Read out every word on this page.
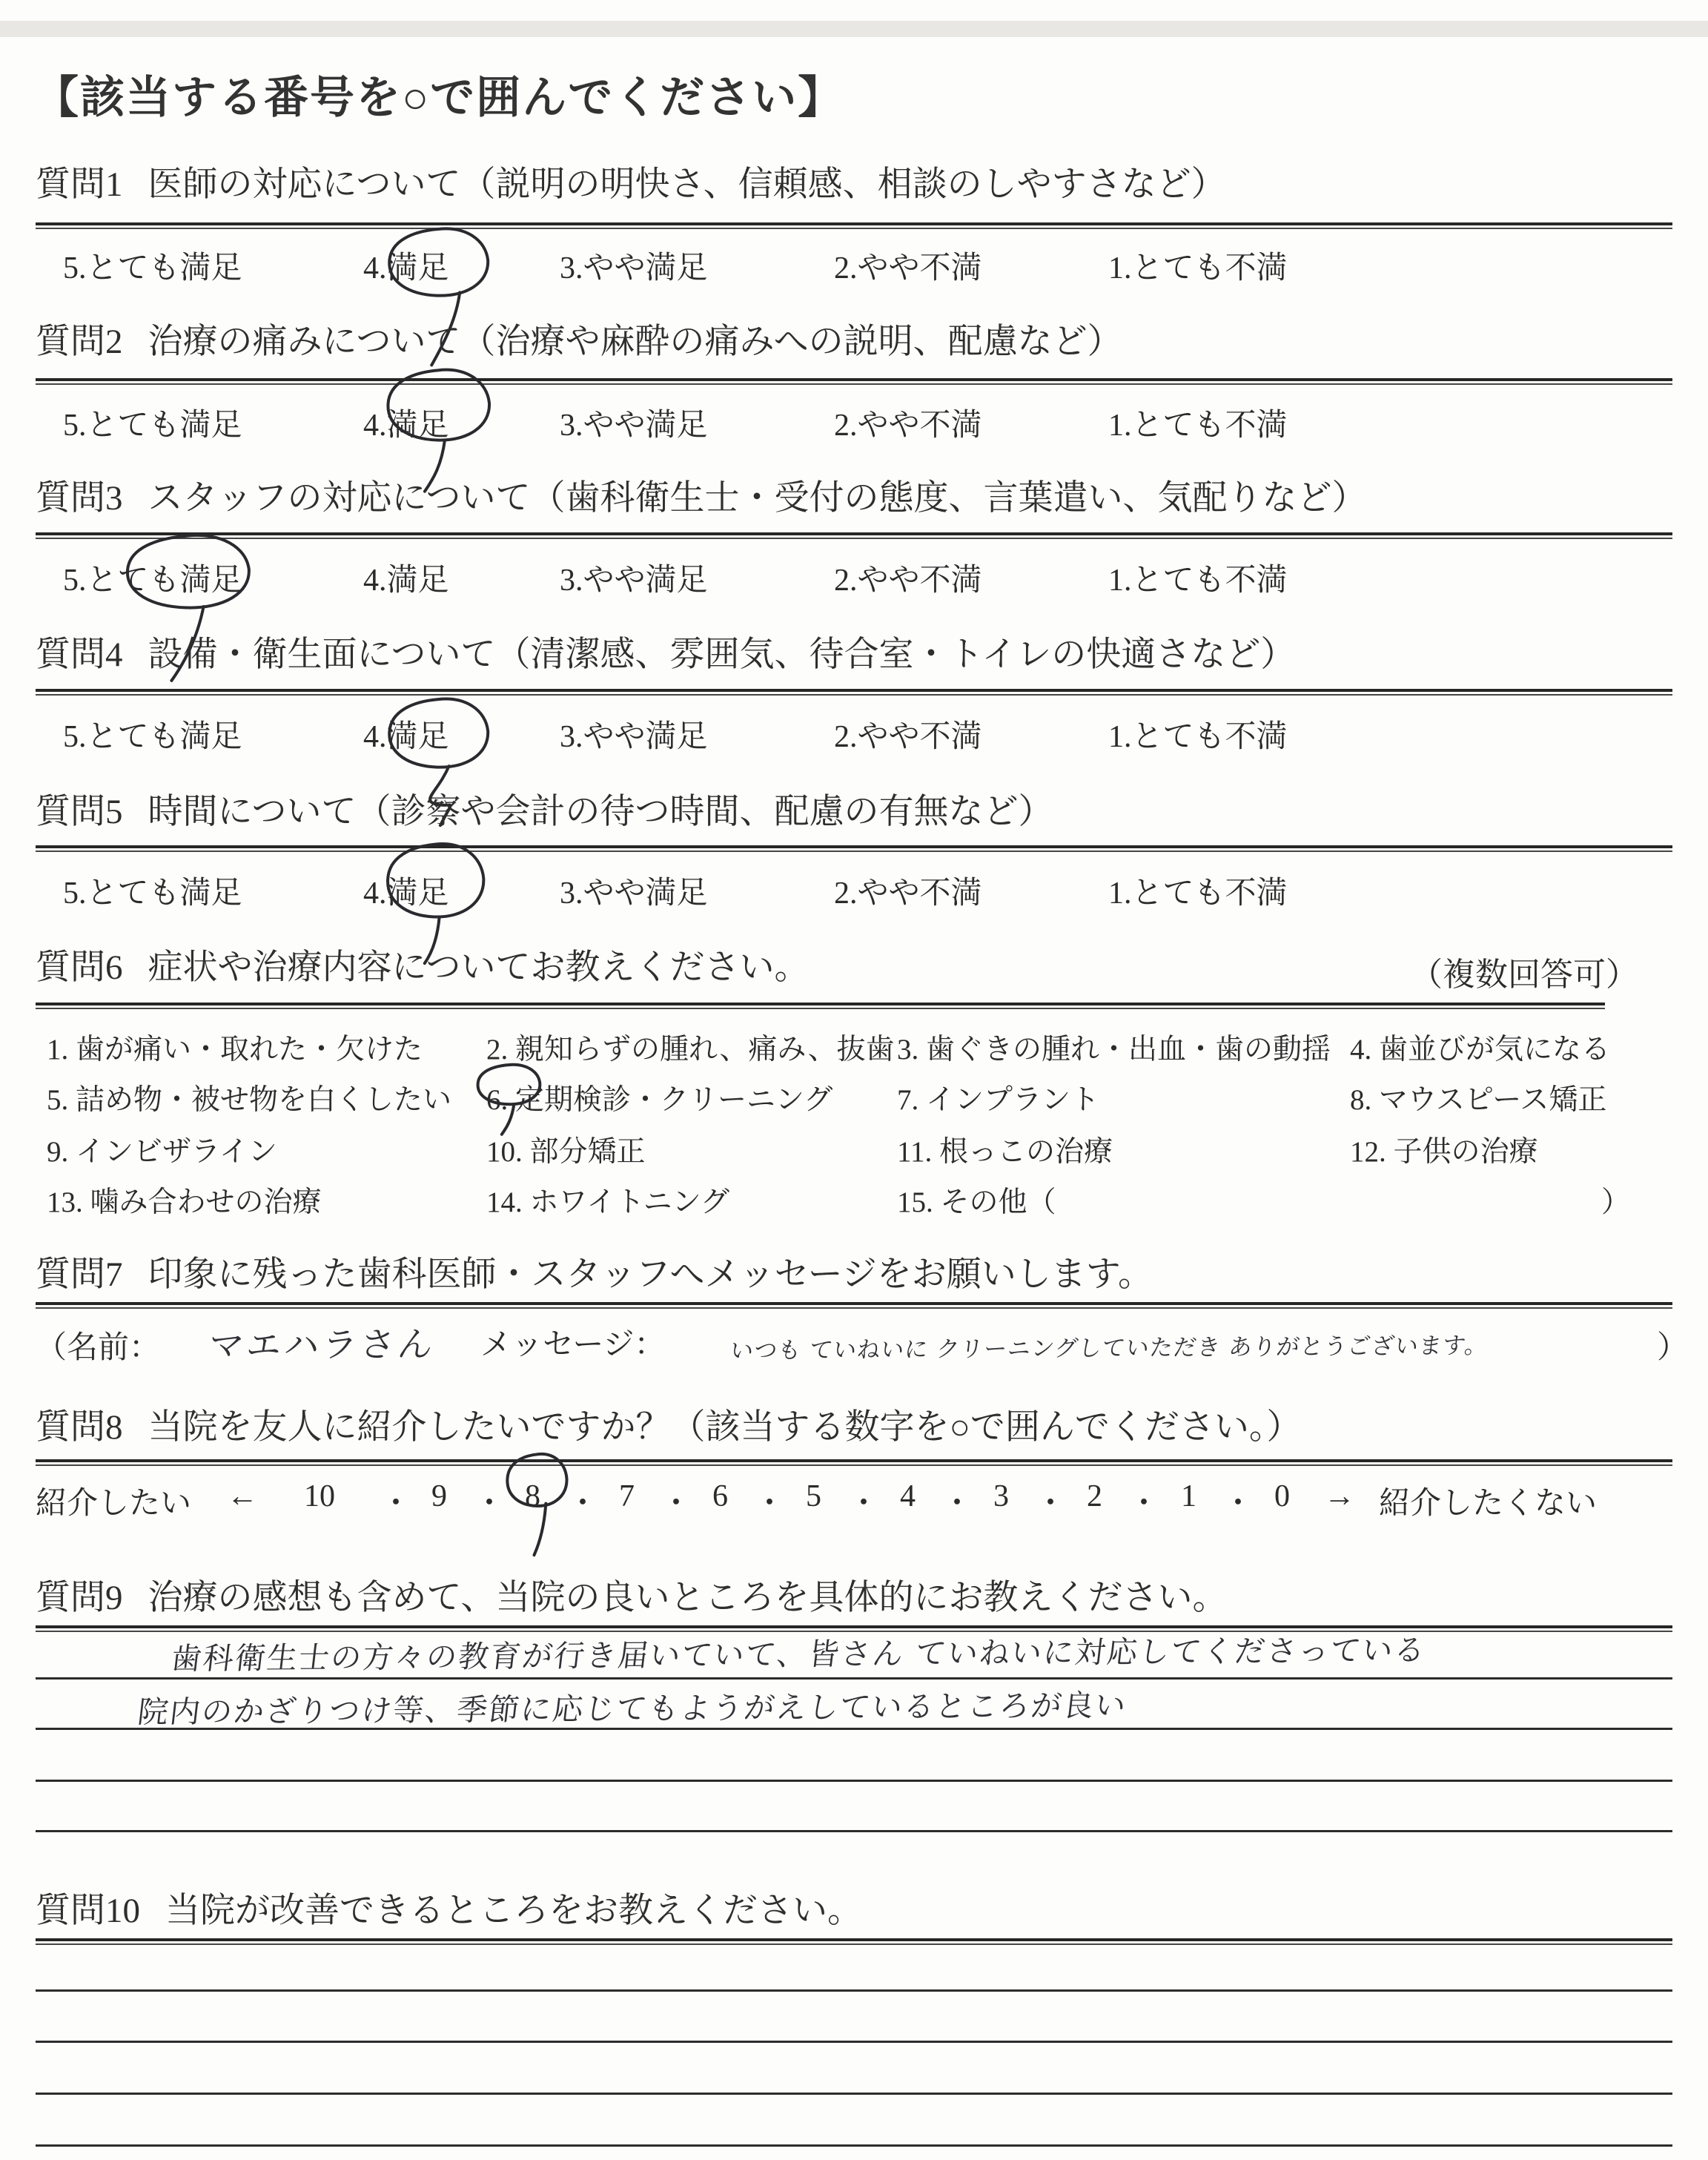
【該当する番号を○で囲んでください】
質問1 医師の対応について（説明の明快さ、信頼感、相談のしやすさなど）
5.とても満足	4.満足	3.やや満足	2.やや不満	1.とても不満
質問2 治療の痛みについて（治療や麻酔の痛みへの説明、配慮など）
5.とても満足	4.満足	3.やや満足	2.やや不満	1.とても不満
質問3 スタッフの対応について（歯科衛生士・受付の態度、言葉遣い、気配りなど）
5.とても満足	4.満足	3.やや満足	2.やや不満	1.とても不満
質問4 設備・衛生面について（清潔感、雰囲気、待合室・トイレの快適さなど）
5.とても満足	4.満足	3.やや満足	2.やや不満	1.とても不満
質問5 時間について（診察や会計の待つ時間、配慮の有無など）
5.とても満足	4.満足	3.やや満足	2.やや不満	1.とても不満
質問6 症状や治療内容についてお教えください。	（複数回答可）
1. 歯が痛い・取れた・欠けた 2. 親知らずの腫れ、痛み、抜歯 3. 歯ぐきの腫れ・出血・歯の動揺 4. 歯並びが気になる
5. 詰め物・被せ物を白くしたい 6. 定期検診・クリーニング 7. インプラント	8. マウスピース矯正
9. インビザライン	10. 部分矯正	11. 根っこの治療	12. 子供の治療
13. 噛み合わせの治療	14. ホワイトニング	15. その他（	）
質問7 印象に残った歯科医師・スタッフへメッセージをお願いします。
（名前： マエハラさん メッセージ：	いつも ていねいに クリーニングしていただき ありがとうございます。	）
質問8 当院を友人に紹介したいですか？（該当する数字を○で囲んでください。）
紹介したい ← 10 ・ 9 ・ 8 ・ 7 ・ 6 ・ 5 ・ 4 ・ 3 ・ 2 ・ 1 ・ 0 → 紹介したくない
質問9 治療の感想も含めて、当院の良いところを具体的にお教えください。
歯科衛生士の方々の教育が行き届いていて、皆さん ていねいに対応してくださっている
院内のかざりつけ等、季節に応じてもようがえしているところが良い
質問10 当院が改善できるところをお教えください。
